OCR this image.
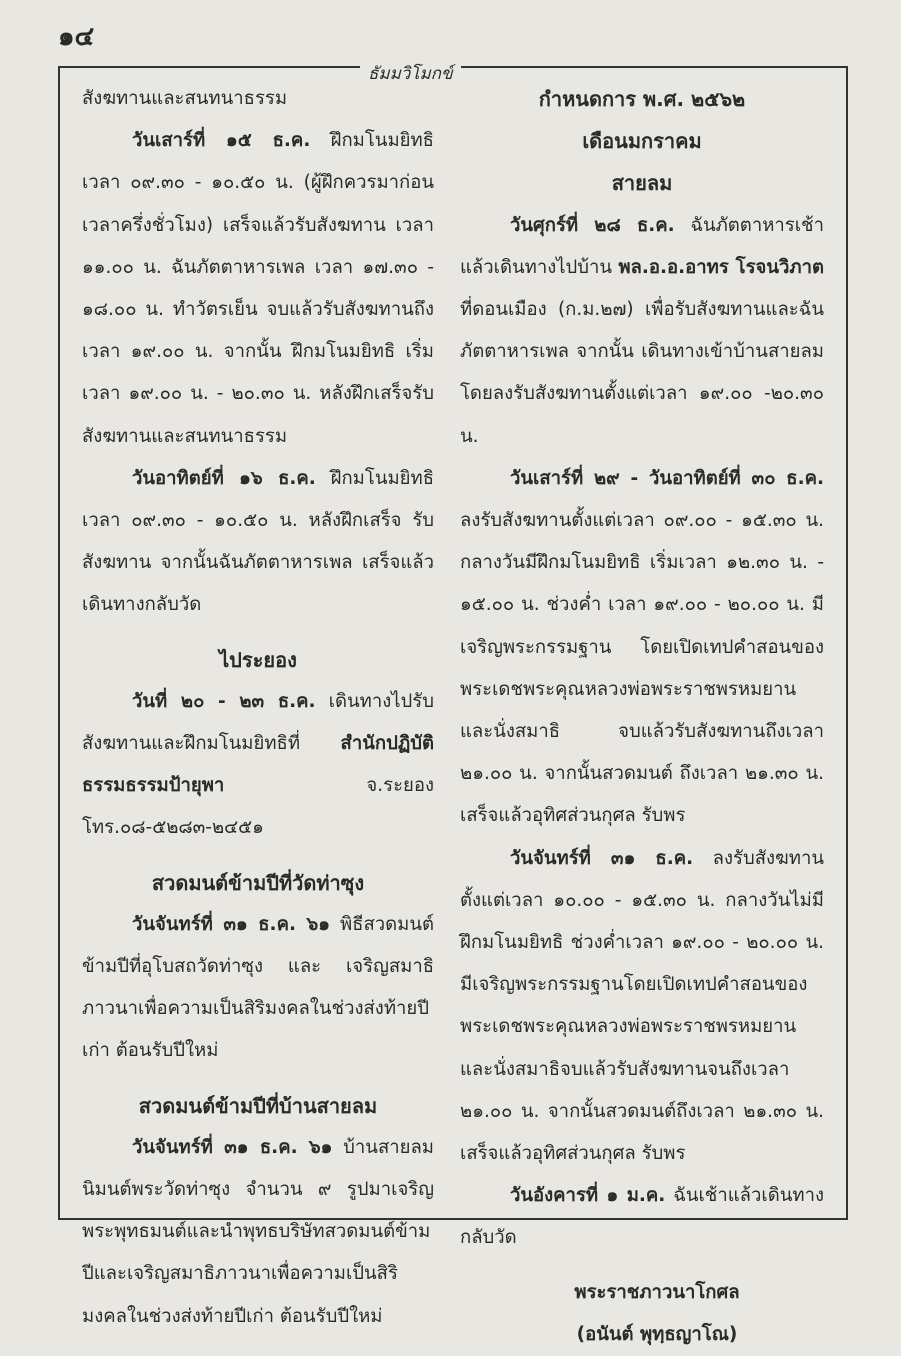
๑๔
ธัมมวิโมกข์

สังฆทานและสนทนาธรรม

วันเสาร์ที่ ๑๕ ธ.ค. ฝึกมโนมยิทธิ เวลา ๐๙.๓๐ - ๑๐.๕๐ น. (ผู้ฝึกควรมาก่อนเวลาครึ่งชั่วโมง) เสร็จแล้วรับสังฆทาน เวลา ๑๑.๐๐ น. ฉันภัตตาหารเพล เวลา ๑๗.๓๐ - ๑๘.๐๐ น. ทำวัตรเย็น จบแล้วรับสังฆทานถึงเวลา ๑๙.๐๐ น. จากนั้น ฝึกมโนมยิทธิ เริ่มเวลา ๑๙.๐๐ น. - ๒๐.๓๐ น. หลังฝึกเสร็จรับสังฆทานและสนทนาธรรม

วันอาทิตย์ที่ ๑๖ ธ.ค. ฝึกมโนมยิทธิ เวลา ๐๙.๓๐ - ๑๐.๕๐ น. หลังฝึกเสร็จ รับสังฆทาน จากนั้นฉันภัตตาหารเพล เสร็จแล้ว เดินทางกลับวัด

ไประยอง

วันที่ ๒๐ - ๒๓ ธ.ค. เดินทางไปรับสังฆทานและฝึกมโนมยิทธิที่ สำนักปฏิบัติธรรมธรรมป้ายุพา จ.ระยอง โทร.๐๘-๕๒๘๓-๒๔๕๑

สวดมนต์ข้ามปีที่วัดท่าซุง

วันจันทร์ที่ ๓๑ ธ.ค. ๖๑ พิธีสวดมนต์ข้ามปีที่อุโบสถวัดท่าซุง และ เจริญสมาธิภาวนาเพื่อความเป็นสิริมงคลในช่วงส่งท้ายปีเก่า ต้อนรับปีใหม่

สวดมนต์ข้ามปีที่บ้านสายลม

วันจันทร์ที่ ๓๑ ธ.ค. ๖๑ บ้านสายลม นิมนต์พระวัดท่าซุง จำนวน ๙ รูปมาเจริญพระพุทธมนต์และนำพุทธบริษัทสวดมนต์ข้ามปีและเจริญสมาธิภาวนาเพื่อความเป็นสิริมงคลในช่วงส่งท้ายปีเก่า ต้อนรับปีใหม่

กำหนดการ พ.ศ. ๒๕๖๒

เดือนมกราคม

สายลม

วันศุกร์ที่ ๒๘ ธ.ค. ฉันภัตตาหารเช้าแล้วเดินทางไปบ้าน พล.อ.อ.อาทร โรจนวิภาต ที่ดอนเมือง (ก.ม.๒๗) เพื่อรับสังฆทานและฉันภัตตาหารเพล จากนั้น เดินทางเข้าบ้านสายลม โดยลงรับสังฆทานตั้งแต่เวลา ๑๙.๐๐ -๒๐.๓๐ น.

วันเสาร์ที่ ๒๙ - วันอาทิตย์ที่ ๓๐ ธ.ค. ลงรับสังฆทานตั้งแต่เวลา ๐๙.๐๐ - ๑๕.๓๐ น. กลางวันมีฝึกมโนมยิทธิ เริ่มเวลา ๑๒.๓๐ น. - ๑๕.๐๐ น. ช่วงค่ำ เวลา ๑๙.๐๐ - ๒๐.๐๐ น. มีเจริญพระกรรมฐาน โดยเปิดเทปคำสอนของพระเดชพระคุณหลวงพ่อพระราชพรหมยาน และนั่งสมาธิ จบแล้วรับสังฆทานถึงเวลา ๒๑.๐๐ น. จากนั้นสวดมนต์ ถึงเวลา ๒๑.๓๐ น. เสร็จแล้วอุทิศส่วนกุศล รับพร

วันจันทร์ที่ ๓๑ ธ.ค. ลงรับสังฆทานตั้งแต่เวลา ๑๐.๐๐ - ๑๕.๓๐ น. กลางวันไม่มีฝึกมโนมยิทธิ ช่วงค่ำเวลา ๑๙.๐๐ - ๒๐.๐๐ น. มีเจริญพระกรรมฐานโดยเปิดเทปคำสอนของพระเดชพระคุณหลวงพ่อพระราชพรหมยาน และนั่งสมาธิจบแล้วรับสังฆทานจนถึงเวลา ๒๑.๐๐ น. จากนั้นสวดมนต์ถึงเวลา ๒๑.๓๐ น. เสร็จแล้วอุทิศส่วนกุศล รับพร

วันอังคารที่ ๑ ม.ค. ฉันเช้าแล้วเดินทางกลับวัด

พระราชภาวนาโกศล

(อนันต์ พุทฺธญาโณ)
